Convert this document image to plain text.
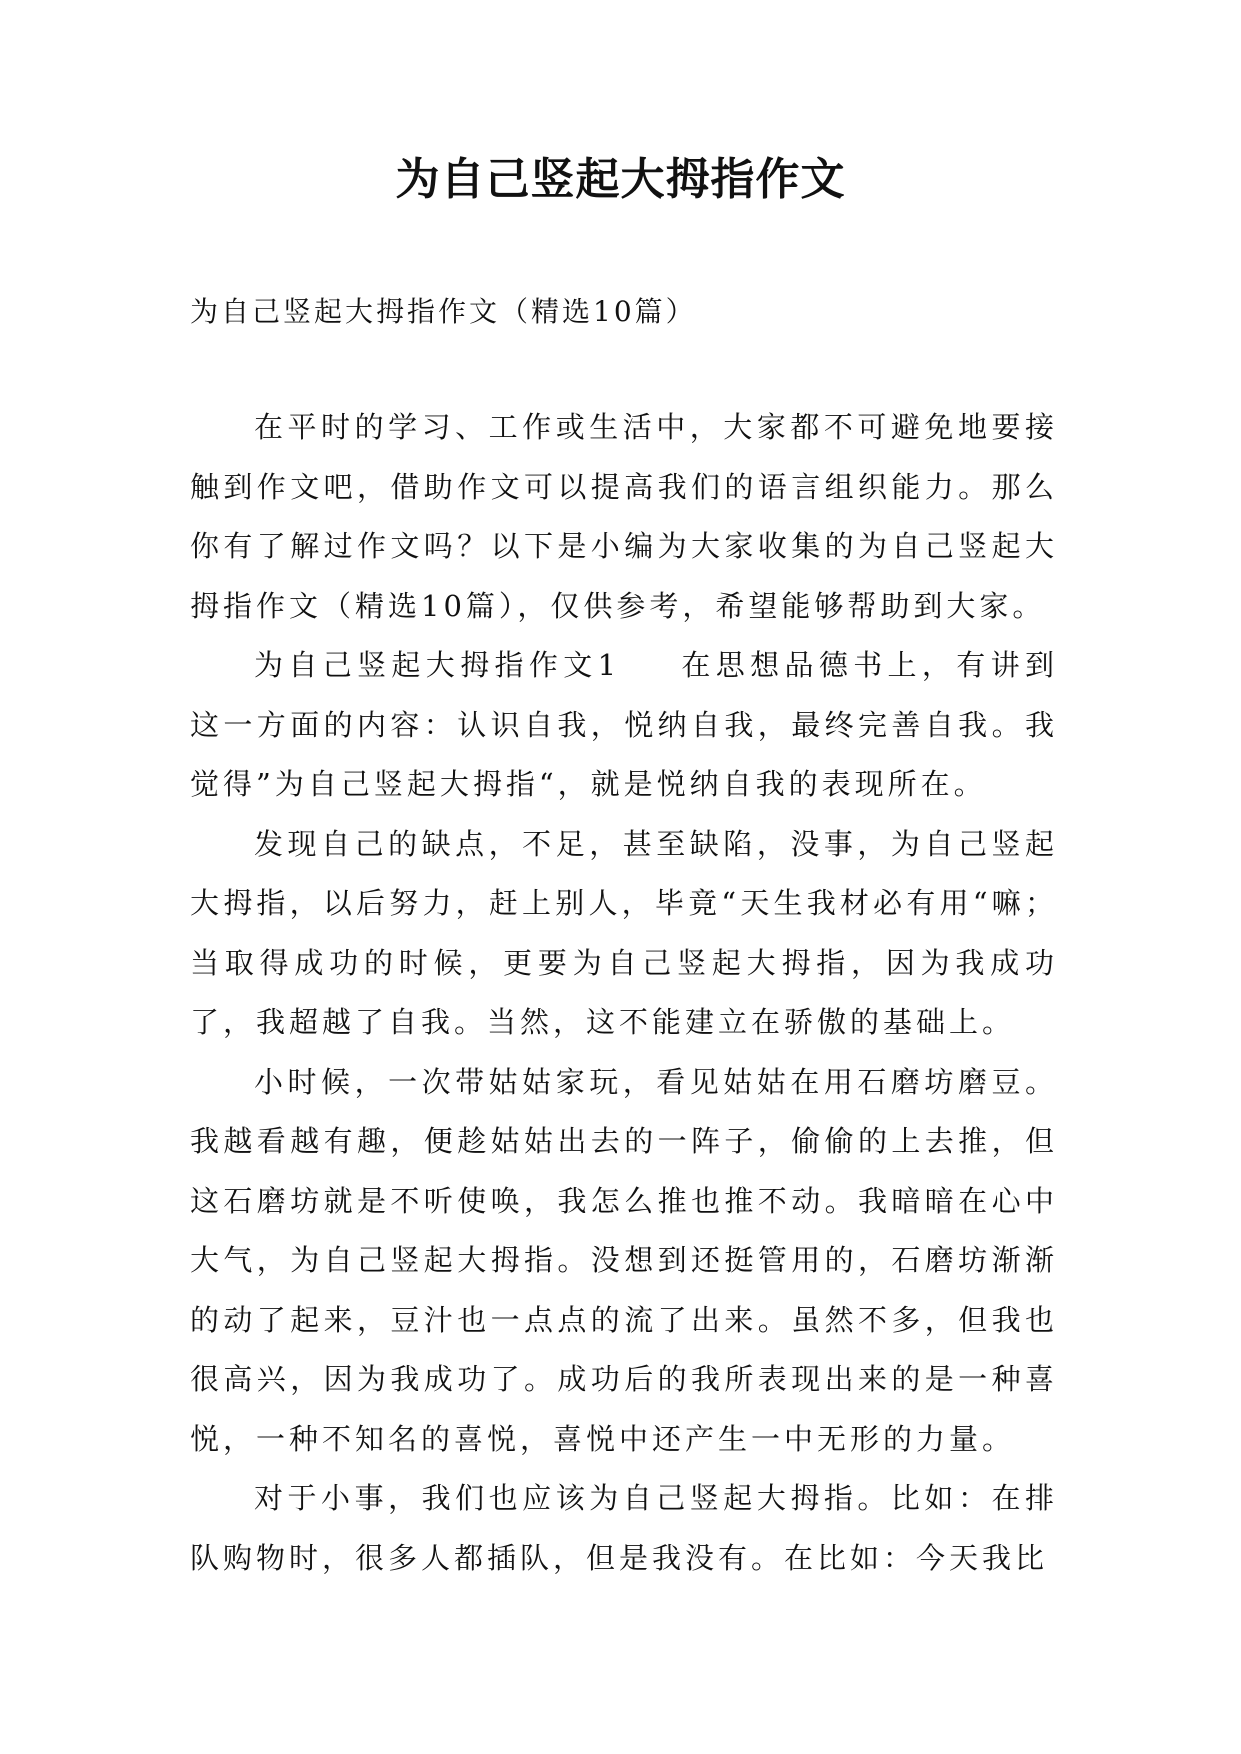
为自己竖起大拇指作文

为自己竖起大拇指作文（精选10篇）

在平时的学习、工作或生活中，大家都不可避免地要接触到作文吧，借助作文可以提高我们的语言组织能力。那么你有了解过作文吗？以下是小编为大家收集的为自己竖起大拇指作文（精选10篇），仅供参考，希望能够帮助到大家。

为自己竖起大拇指作文1 在思想品德书上，有讲到这一方面的内容：认识自我，悦纳自我，最终完善自我。我觉得”为自己竖起大拇指“，就是悦纳自我的表现所在。

发现自己的缺点，不足，甚至缺陷，没事，为自己竖起大拇指，以后努力，赶上别人，毕竟“天生我材必有用“嘛；当取得成功的时候，更要为自己竖起大拇指，因为我成功了，我超越了自我。当然，这不能建立在骄傲的基础上。

小时候，一次带姑姑家玩，看见姑姑在用石磨坊磨豆。我越看越有趣，便趁姑姑出去的一阵子，偷偷的上去推，但这石磨坊就是不听使唤，我怎么推也推不动。我暗暗在心中大气，为自己竖起大拇指。没想到还挺管用的，石磨坊渐渐的动了起来，豆汁也一点点的流了出来。虽然不多，但我也很高兴，因为我成功了。成功后的我所表现出来的是一种喜悦，一种不知名的喜悦，喜悦中还产生一中无形的力量。

对于小事，我们也应该为自己竖起大拇指。比如：在排队购物时，很多人都插队，但是我没有。在比如：今天我比
